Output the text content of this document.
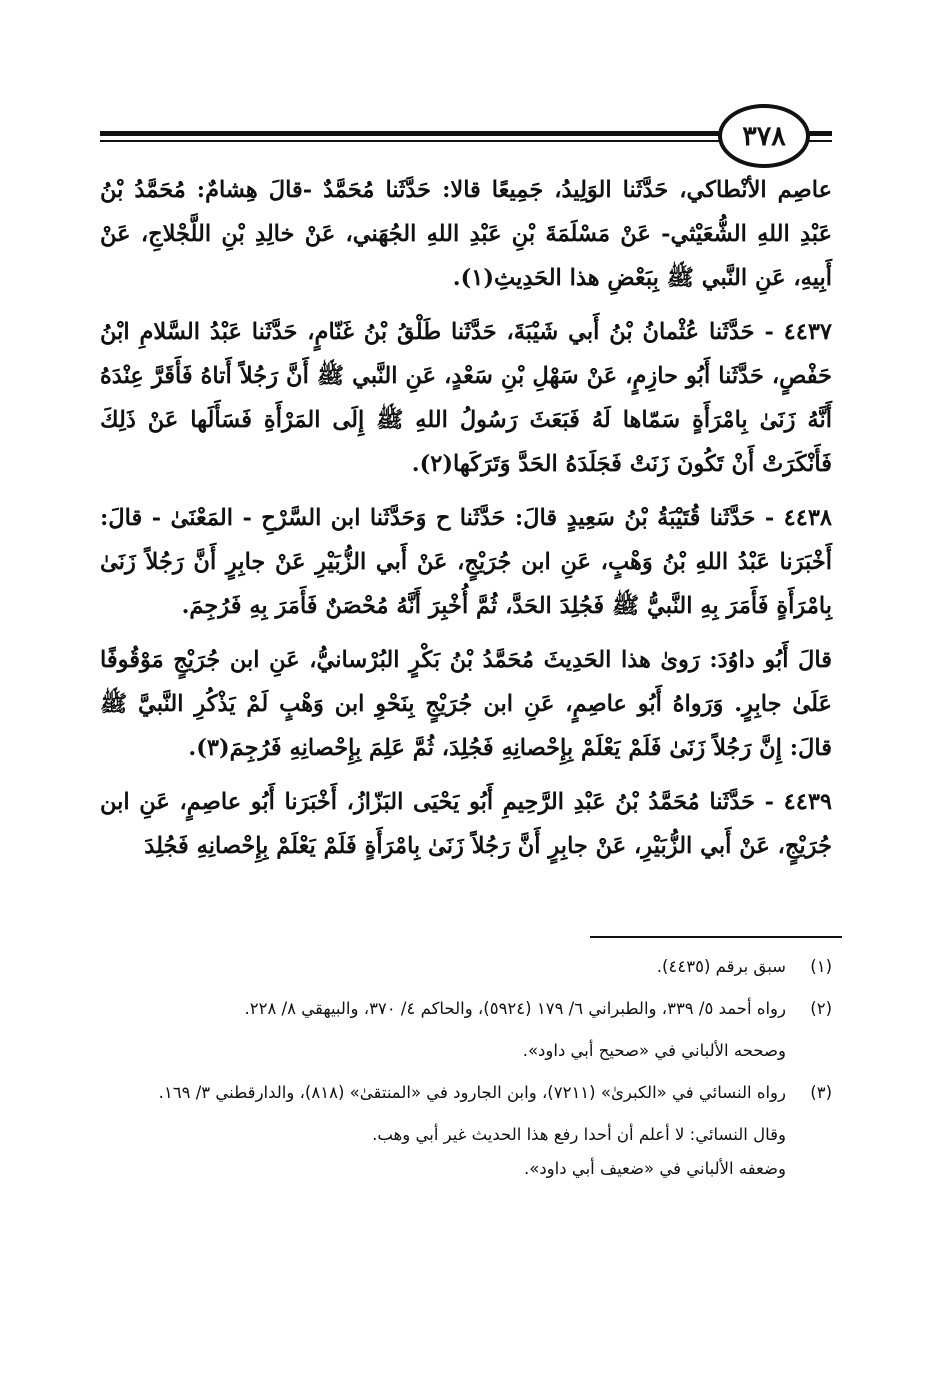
٣٧٨

عاصِم الأنْطاكي، حَدَّثَنا الوَلِيدُ، جَمِيعًا قالا: حَدَّثَنا مُحَمَّدٌ -قالَ هِشامٌ: مُحَمَّدُ بْنُ عَبْدِ اللهِ الشُّعَيْثي- عَنْ مَسْلَمَةَ بْنِ عَبْدِ اللهِ الجُهَني، عَنْ خالِدِ بْنِ اللَّجْلاجِ، عَنْ أَبِيهِ، عَنِ النَّبي ﷺ بِبَعْضِ هذا الحَدِيثِ(١).

٤٤٣٧ - حَدَّثَنا عُثْمانُ بْنُ أَبي شَيْبَةَ، حَدَّثَنا طَلْقُ بْنُ غَنّامٍ، حَدَّثَنا عَبْدُ السَّلامِ ابْنُ حَفْصٍ، حَدَّثَنا أَبُو حازِمٍ، عَنْ سَهْلِ بْنِ سَعْدٍ، عَنِ النَّبي ﷺ أَنَّ رَجُلاً أَتاهُ فَأَقَرَّ عِنْدَهُ أَنَّهُ زَنَىٰ بِامْرَأَةٍ سَمّاها لَهُ فَبَعَثَ رَسُولُ اللهِ ﷺ إِلَى المَرْأَةِ فَسَأَلَها عَنْ ذَلِكَ فَأَنْكَرَتْ أَنْ تَكُونَ زَنَتْ فَجَلَدَهُ الحَدَّ وَتَرَكَها(٢).

٤٤٣٨ - حَدَّثَنا قُتَيْبَةُ بْنُ سَعِيدٍ قالَ: حَدَّثَنا ح وَحَدَّثَنا ابن السَّرْحِ - المَعْنَىٰ - قالَ: أَخْبَرَنا عَبْدُ اللهِ بْنُ وَهْبٍ، عَنِ ابن جُرَيْجٍ، عَنْ أَبي الزُّبَيْرِ عَنْ جابِرٍ أَنَّ رَجُلاً زَنَىٰ بِامْرَأَةٍ فَأَمَرَ بِهِ النَّبيُّ ﷺ فَجُلِدَ الحَدَّ، ثُمَّ أُخْبِرَ أَنَّهُ مُحْصَنٌ فَأَمَرَ بِهِ فَرُجِمَ.

قالَ أَبُو داوُدَ: رَوىٰ هذا الحَدِيثَ مُحَمَّدُ بْنُ بَكْرٍ البُرْسانيُّ، عَنِ ابن جُرَيْجٍ مَوْقُوفًا عَلَىٰ جابِرٍ. وَرَواهُ أَبُو عاصِمٍ، عَنِ ابن جُرَيْجٍ بِنَحْوِ ابن وَهْبٍ لَمْ يَذْكُرِ النَّبيَّ ﷺ قالَ: إِنَّ رَجُلاً زَنَىٰ فَلَمْ يَعْلَمْ بِإِحْصانِهِ فَجُلِدَ، ثُمَّ عَلِمَ بِإِحْصانِهِ فَرُجِمَ(٣).

٤٤٣٩ - حَدَّثَنا مُحَمَّدُ بْنُ عَبْدِ الرَّحِيمِ أَبُو يَحْيَى البَزّازُ، أَخْبَرَنا أَبُو عاصِمٍ، عَنِ ابن جُرَيْجٍ، عَنْ أَبي الزُّبَيْرِ، عَنْ جابِرٍ أَنَّ رَجُلاً زَنَىٰ بِامْرَأَةٍ فَلَمْ يَعْلَمْ بِإِحْصانِهِ فَجُلِدَ

(١)
سبق برقم (٤٤٣٥).
(٢)
رواه أحمد ٥/ ٣٣٩، والطبراني ٦/ ١٧٩ (٥٩٢٤)، والحاكم ٤/ ٣٧٠، والبيهقي ٨/ ٢٢٨.
وصححه الألباني في «صحيح أبي داود».
(٣)
رواه النسائي في «الكبرىٰ» (٧٢١١)، وابن الجارود في «المنتقىٰ» (٨١٨)، والدارقطني ٣/ ١٦٩.
وقال النسائي: لا أعلم أن أحدا رفع هذا الحديث غير أبي وهب.
وضعفه الألباني في «ضعيف أبي داود».
